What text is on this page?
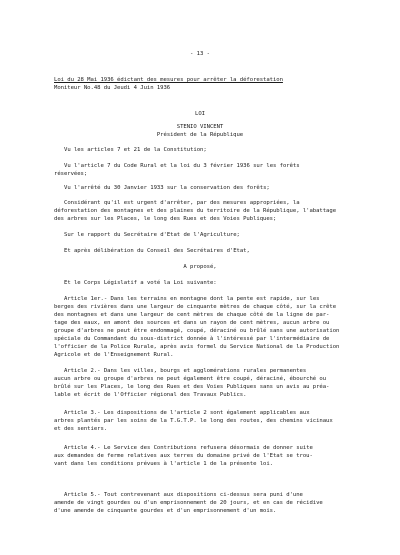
- 13 -
Loi du 28 Mai 1936 édictant des mesures pour arrêter la déforestation
Moniteur No.48 du Jeudi 4 Juin 1936
LOI
STENIO VINCENT
Président de la République
Vu les articles 7 et 21 de la Constitution;
Vu l'article 7 du Code Rural et la loi du 3 février 1936 sur les forêts
réservées;
Vu l'arrêté du 30 Janvier 1933 sur la conservation des forêts;
Considérant qu'il est urgent d'arrêter, par des mesures appropriées, la
déforestation des montagnes et des plaines du territoire de la République, l'abattage
des arbres sur les Places, le long des Rues et des Voies Publiques;
Sur le rapport du Secrétaire d'Etat de l'Agriculture;
Et après délibération du Conseil des Secrétaires d'Etat,
A proposé,
Et le Corps Législatif a voté la Loi suivante:
Article 1er.- Dans les terrains en montagne dont la pente est rapide, sur les
berges des rivières dans une largeur de cinquante mètres de chaque côté, sur la crête
des montagnes et dans une largeur de cent mètres de chaque côté de la ligne de par-
tage des eaux, en amont des sources et dans un rayon de cent mètres, aucun arbre ou
groupe d'arbres ne peut être endommagé, coupé, déraciné ou brûlé sans une autorisation
spéciale du Commandant du sous-district donnée à l'intéressé par l'intermédiaire de
l'officier de la Police Rurale, après avis formel du Service National de la Production
Agricole et de l'Enseignement Rural.
Article 2.- Dans les villes, bourgs et agglomérations rurales permanentes
aucun arbre ou groupe d'arbres ne peut également être coupé, déraciné, ébourché ou
brûlé sur les Places, le long des Rues et des Voies Publiques sans un avis au préa-
lable et écrit de l'Officier régional des Travaux Publics.
Article 3.- Les dispositions de l'article 2 sont également applicables aux
arbres plantés par les soins de la T.G.T.P. le long des routes, des chemins vicinaux
et des sentiers.
Article 4.- Le Service des Contributions refusera désormais de donner suite
aux demandes de ferme relatives aux terres du domaine privé de l'Etat se trou-
vant dans les conditions prévues à l'article 1 de la présente loi.
Article 5.- Tout contrevenant aux dispositions ci-dessus sera puni d'une
amende de vingt gourdes ou d'un emprisonnement de 20 jours, et en cas de récidive
d'une amende de cinquante gourdes et d'un emprisonnement d'un mois.
